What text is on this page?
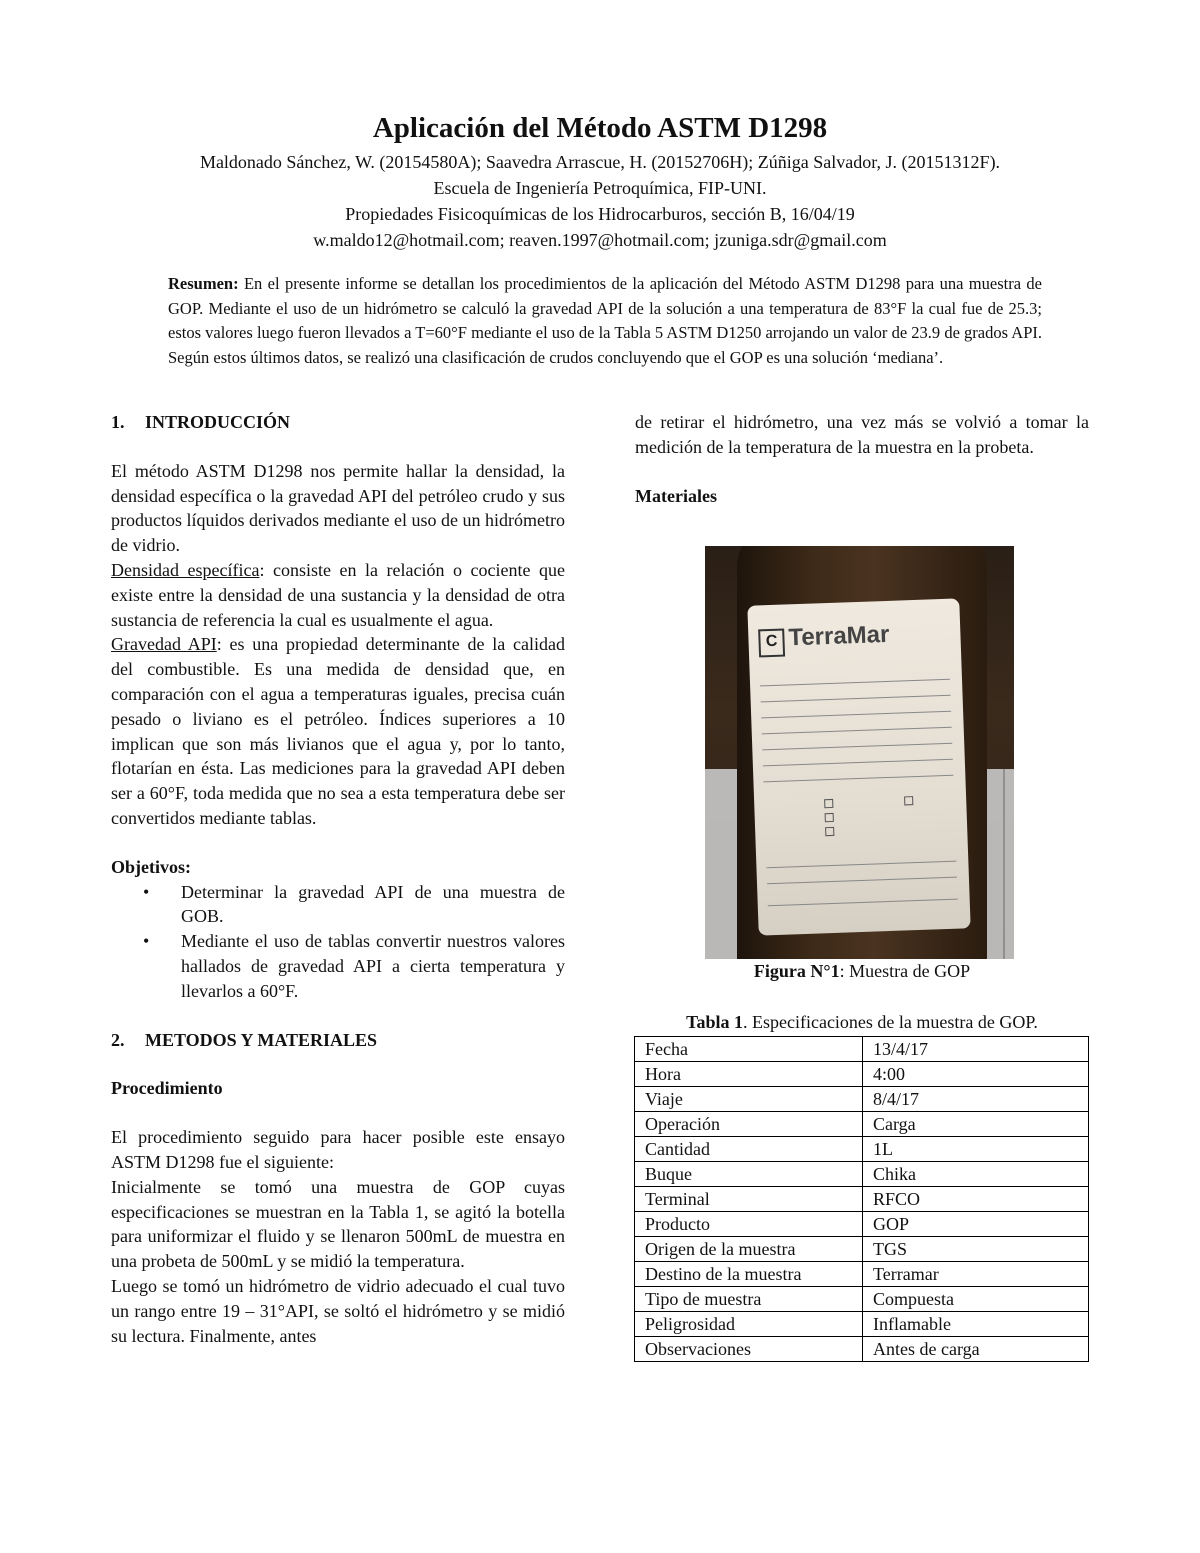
Aplicación del Método ASTM D1298
Maldonado Sánchez, W. (20154580A); Saavedra Arrascue, H. (20152706H); Zúñiga Salvador, J. (20151312F).
Escuela de Ingeniería Petroquímica, FIP-UNI.
Propiedades Fisicoquímicas de los Hidrocarburos, sección B, 16/04/19
w.maldo12@hotmail.com; reaven.1997@hotmail.com; jzuniga.sdr@gmail.com
Resumen: En el presente informe se detallan los procedimientos de la aplicación del Método ASTM D1298 para una muestra de GOP. Mediante el uso de un hidrómetro se calculó la gravedad API de la solución a una temperatura de 83°F la cual fue de 25.3; estos valores luego fueron llevados a T=60°F mediante el uso de la Tabla 5 ASTM D1250 arrojando un valor de 23.9 de grados API. Según estos últimos datos, se realizó una clasificación de crudos concluyendo que el GOP es una solución ‘mediana’.
1. INTRODUCCIÓN

El método ASTM D1298 nos permite hallar la densidad, la densidad específica o la gravedad API del petróleo crudo y sus productos líquidos derivados mediante el uso de un hidrómetro de vidrio.

Densidad específica: consiste en la relación o cociente que existe entre la densidad de una sustancia y la densidad de otra sustancia de referencia la cual es usualmente el agua.

Gravedad API: es una propiedad determinante de la calidad del combustible. Es una medida de densidad que, en comparación con el agua a temperaturas iguales, precisa cuán pesado o liviano es el petróleo. Índices superiores a 10 implican que son más livianos que el agua y, por lo tanto, flotarían en ésta. Las mediciones para la gravedad API deben ser a 60°F, toda medida que no sea a esta temperatura debe ser convertidos mediante tablas.

Objetivos:

• Determinar la gravedad API de una muestra de GOB.
• Mediante el uso de tablas convertir nuestros valores hallados de gravedad API a cierta temperatura y llevarlos a 60°F.
2. METODOS Y MATERIALES

Procedimiento

El procedimiento seguido para hacer posible este ensayo ASTM D1298 fue el siguiente:

Inicialmente se tomó una muestra de GOP cuyas especificaciones se muestran en la Tabla 1, se agitó la botella para uniformizar el fluido y se llenaron 500mL de muestra en una probeta de 500mL y se midió la temperatura.

Luego se tomó un hidrómetro de vidrio adecuado el cual tuvo un rango entre 19 – 31°API, se soltó el hidrómetro y se midió su lectura. Finalmente, antes

de retirar el hidrómetro, una vez más se volvió a tomar la medición de la temperatura de la muestra en la probeta.

Materiales

C TerraMar
Figura N°1: Muestra de GOP
Tabla 1. Especificaciones de la muestra de GOP.
Fecha	13/4/17
Hora	4:00
Viaje	8/4/17
Operación	Carga
Cantidad	1L
Buque	Chika
Terminal	RFCO
Producto	GOP
Origen de la muestra	TGS
Destino de la muestra	Terramar
Tipo de muestra	Compuesta
Peligrosidad	Inflamable
Observaciones	Antes de carga
